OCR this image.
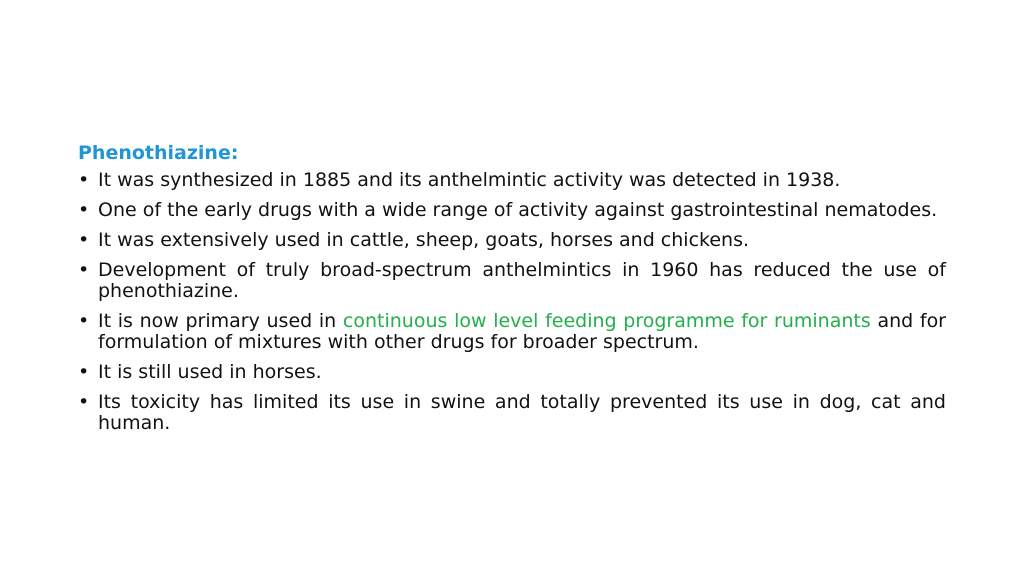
Phenothiazine:
• It was synthesized in 1885 and its anthelmintic activity was detected in 1938.
• One of the early drugs with a wide range of activity against gastrointestinal nematodes.
• It was extensively used in cattle, sheep, goats, horses and chickens.
• Development of truly broad-spectrum anthelmintics in 1960 has reduced the use of phenothiazine.
• It is now primary used in continuous low level feeding programme for ruminants and for formulation of mixtures with other drugs for broader spectrum.
• It is still used in horses.
• Its toxicity has limited its use in swine and totally prevented its use in dog, cat and human.
